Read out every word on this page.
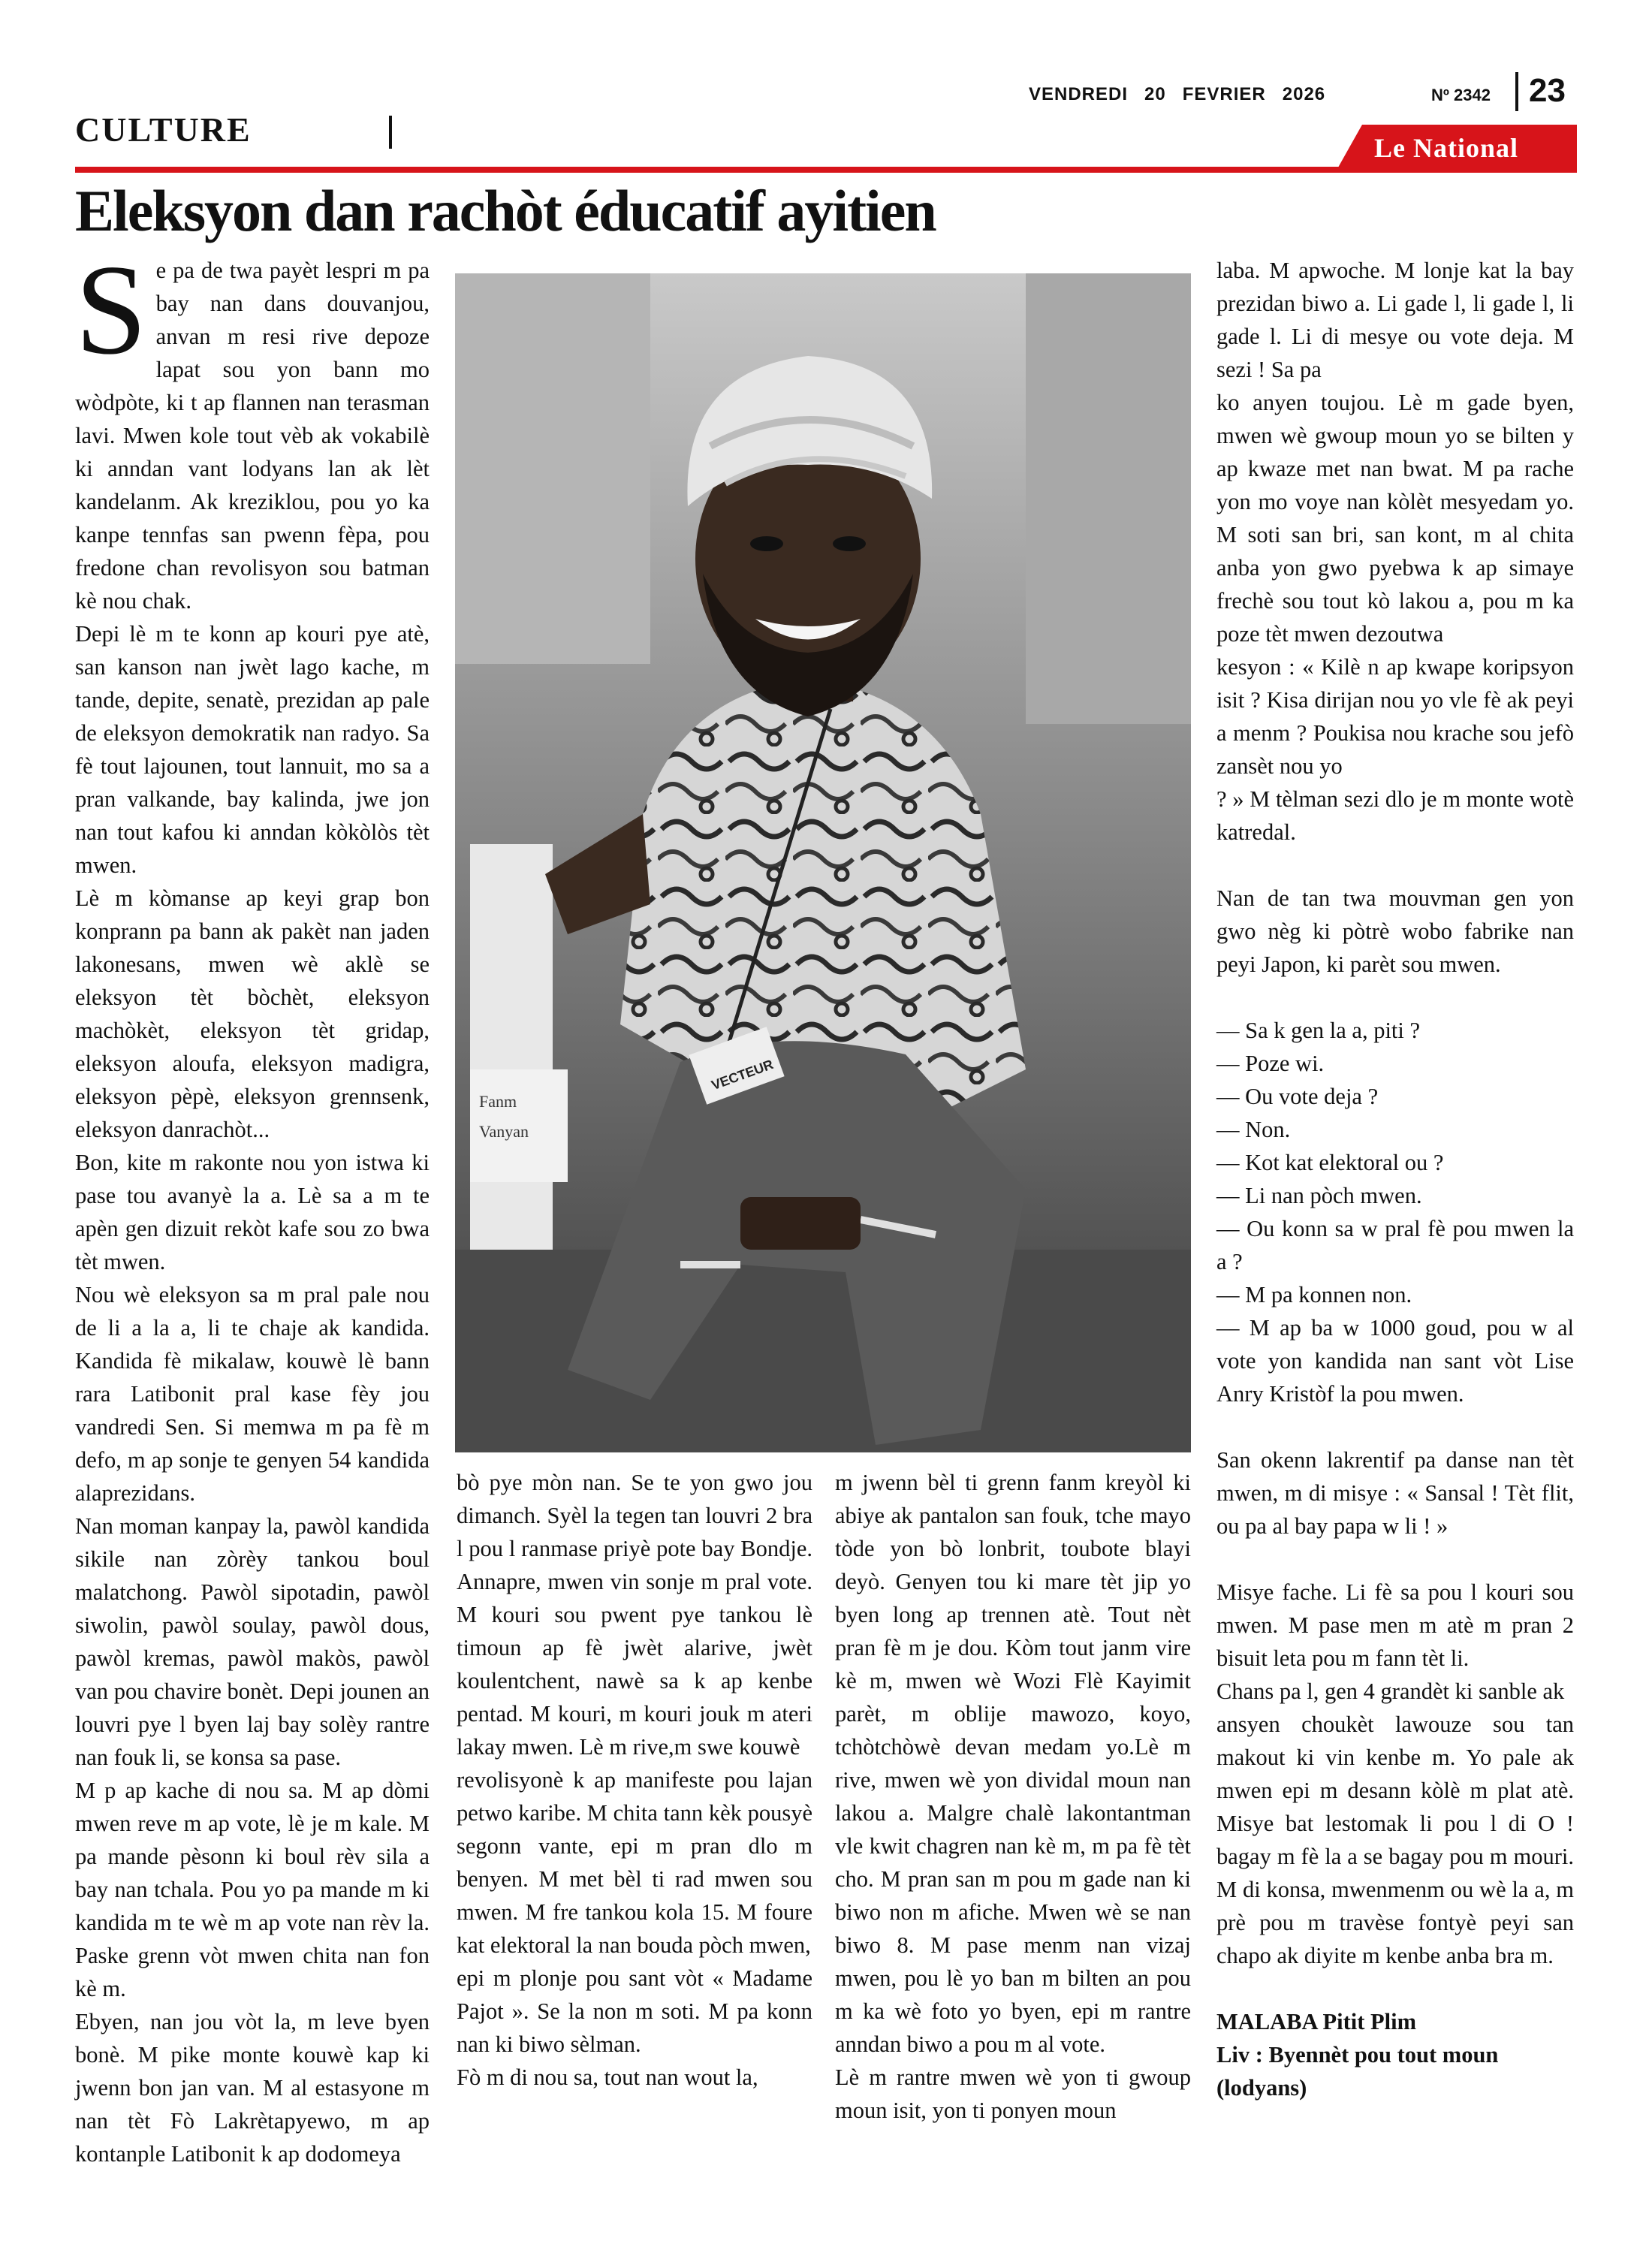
VENDREDI 20 FEVRIER 2026	Nº 2342 23
CULTURE	Le National
Eleksyon dan rachòt éducatif ayitien

Se pa de twa payèt lespri m pa bay nan dans douvanjou, anvan m resi rive depoze lapat sou yon bann mo wòdpòte, ki t ap flannen nan terasman lavi. Mwen kole tout vèb ak vokabilè ki anndan vant lodyans lan ak lèt kandelanm. Ak kreziklou, pou yo ka kanpe tennfas san pwenn fèpa, pou fredone chan revolisyon sou batman kè nou chak.

Depi lè m te konn ap kouri pye atè, san kanson nan jwèt lago kache, m tande, depite, senatè, prezidan ap pale de eleksyon demokratik nan radyo. Sa fè tout lajounen, tout lannuit, mo sa a pran valkande, bay kalinda, jwe jon nan tout kafou ki anndan kòkòlòs tèt mwen.

Lè m kòmanse ap keyi grap bon konprann pa bann ak pakèt nan jaden lakonesans, mwen wè aklè se eleksyon tèt bòchèt, eleksyon machòkèt, eleksyon tèt gridap, eleksyon aloufa, eleksyon madigra, eleksyon pèpè, eleksyon grennsenk, eleksyon danrachòt...

Bon, kite m rakonte nou yon istwa ki pase tou avanyè la a. Lè sa a m te apèn gen dizuit rekòt kafe sou zo bwa tèt mwen.

Nou wè eleksyon sa m pral pale nou de li a la a, li te chaje ak kandida. Kandida fè mikalaw, kouwè lè bann rara Latibonit pral kase fèy jou vandredi Sen. Si memwa m pa fè m defo, m ap sonje te genyen 54 kandida alaprezidans.

Nan moman kanpay la, pawòl kandida sikile nan zòrèy tankou boul malatchong. Pawòl sipotadin, pawòl siwolin, pawòl soulay, pawòl dous, pawòl kremas, pawòl makòs, pawòl van pou chavire bonèt. Depi jounen an louvri pye l byen laj bay solèy rantre nan fouk li, se konsa sa pase.

M p ap kache di nou sa. M ap dòmi mwen reve m ap vote, lè je m kale. M pa mande pèsonn ki boul rèv sila a bay nan tchala. Pou yo pa mande m ki kandida m te wè m ap vote nan rèv la. Paske grenn vòt mwen chita nan fon kè m.

Ebyen, nan jou vòt la, m leve byen bonè. M pike monte kouwè kap ki jwenn bon jan van. M al estasyone m nan tèt Fò Lakrètapyewo, m ap kontanple Latibonit k ap dodomeya

Fanm
Vanyan
VECTEUR

bò pye mòn nan. Se te yon gwo jou dimanch. Syèl la tegen tan louvri 2 bra l pou l ranmase priyè pote bay Bondje. Annapre, mwen vin sonje m pral vote. M kouri sou pwent pye tankou lè timoun ap fè jwèt alarive, jwèt koulentchent, nawè sa k ap kenbe pentad. M kouri, m kouri jouk m ateri lakay mwen. Lè m rive,m swe kouwè

revolisyonè k ap manifeste pou lajan petwo karibe. M chita tann kèk pousyè segonn vante, epi m pran dlo m benyen. M met bèl ti rad mwen sou mwen. M fre tankou kola 15. M foure kat elektoral la nan bouda pòch mwen,

epi m plonje pou sant vòt « Madame Pajot ». Se la non m soti. M pa konn nan ki biwo sèlman.

Fò m di nou sa, tout nan wout la,

m jwenn bèl ti grenn fanm kreyòl ki abiye ak pantalon san fouk, tche mayo tòde yon bò lonbrit, toubote blayi deyò. Genyen tou ki mare tèt jip yo byen long ap trennen atè. Tout nèt pran fè m je dou. Kòm tout janm vire kè m, mwen wè Wozi Flè Kayimit parèt, m oblije mawozo, koyo, tchòtchòwè devan medam yo.Lè m rive, mwen wè yon dividal moun nan lakou a. Malgre chalè lakontantman vle kwit chagren nan kè m, m pa fè tèt cho. M pran san m pou m gade nan ki biwo non m afiche. Mwen wè se nan biwo 8. M pase menm nan vizaj mwen, pou lè yo ban m bilten an pou m ka wè foto yo byen, epi m rantre anndan biwo a pou m al vote.

Lè m rantre mwen wè yon ti gwoup moun isit, yon ti ponyen moun

laba. M apwoche. M lonje kat la bay prezidan biwo a. Li gade l, li gade l, li gade l. Li di mesye ou vote deja. M sezi ! Sa pa

ko anyen toujou. Lè m gade byen, mwen wè gwoup moun yo se bilten y ap kwaze met nan bwat. M pa rache yon mo voye nan kòlèt mesyedam yo. M soti san bri, san kont, m al chita anba yon gwo pyebwa k ap simaye frechè sou tout kò lakou a, pou m ka poze tèt mwen dezoutwa

kesyon : « Kilè n ap kwape koripsyon isit ? Kisa dirijan nou yo vle fè ak peyi a menm ? Poukisa nou krache sou jefò zansèt nou yo

? » M tèlman sezi dlo je m monte wotè katredal.

Nan de tan twa mouvman gen yon gwo nèg ki pòtrè wobo fabrike nan peyi Japon, ki parèt sou mwen.

— Sa k gen la a, piti ?

— Poze wi.

— Ou vote deja ?

— Non.

— Kot kat elektoral ou ?

— Li nan pòch mwen.

— Ou konn sa w pral fè pou mwen la a ?

— M pa konnen non.

— M ap ba w 1000 goud, pou w al vote yon kandida nan sant vòt Lise Anry Kristòf la pou mwen.

San okenn lakrentif pa danse nan tèt mwen, m di misye : « Sansal ! Tèt flit, ou pa al bay papa w li ! »

Misye fache. Li fè sa pou l kouri sou mwen. M pase men m atè m pran 2 bisuit leta pou m fann tèt li.

Chans pa l, gen 4 grandèt ki sanble ak

ansyen choukèt lawouze sou tan makout ki vin kenbe m. Yo pale ak mwen epi m desann kòlè m plat atè. Misye bat lestomak li pou l di O ! bagay m fè la a se bagay pou m mouri. M di konsa, mwenmenm ou wè la a, m prè pou m travèse fontyè peyi san chapo ak diyite m kenbe anba bra m.

MALABA Pitit Plim

Liv : Byennèt pou tout moun (lodyans)
